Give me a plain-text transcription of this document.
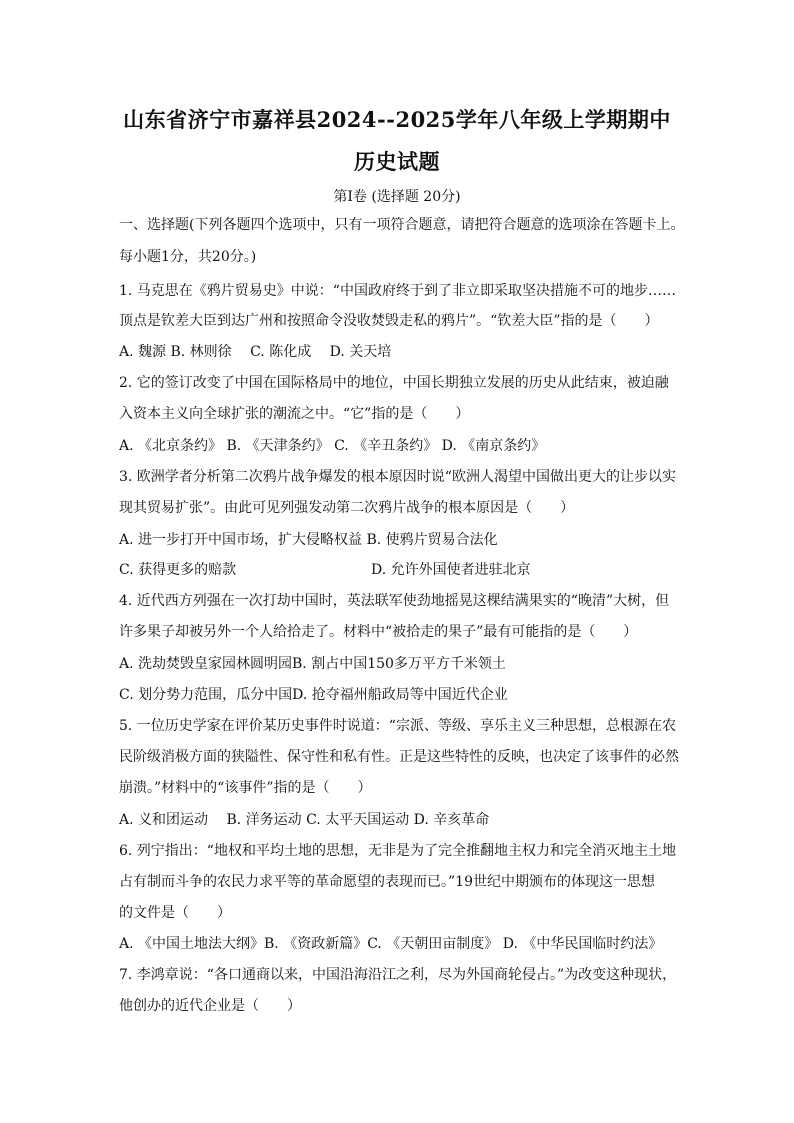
山东省济宁市嘉祥县2024--2025学年八年级上学期期中
历史试题
第Ⅰ卷 (选择题 20分)
一、选择题(下列各题四个选项中，只有一项符合题意，请把符合题意的选项涂在答题卡上。
每小题1分，共20分。)
1. 马克思在《鸦片贸易史》中说：“中国政府终于到了非立即采取坚决措施不可的地步……
顶点是钦差大臣到达广州和按照命令没收焚毁走私的鸦片”。“钦差大臣”指的是（　　）
A. 魏源 B. 林则徐　 C. 陈化成　 D. 关天培
2. 它的签订改变了中国在国际格局中的地位，中国长期独立发展的历史从此结束，被迫融
入资本主义向全球扩张的潮流之中。“它”指的是（　　）
A. 《北京条约》 B. 《天津条约》 C. 《辛丑条约》 D. 《南京条约》
3. 欧洲学者分析第二次鸦片战争爆发的根本原因时说“欧洲人渴望中国做出更大的让步以实
现其贸易扩张”。由此可见列强发动第二次鸦片战争的根本原因是（　　）
A. 进一步打开中国市场，扩大侵略权益 B. 使鸦片贸易合法化
C. 获得更多的赔款	D. 允许外国使者进驻北京
4. 近代西方列强在一次打劫中国时，英法联军使劲地摇晃这棵结满果实的“晚清”大树，但
许多果子却被另外一个人给拾走了。材料中“被拾走的果子”最有可能指的是（　　）
A. 洗劫焚毁皇家园林圆明园B. 割占中国150多万平方千米领土
C. 划分势力范围，瓜分中国D. 抢夺福州船政局等中国近代企业
5. 一位历史学家在评价某历史事件时说道：“宗派、等级、享乐主义三种思想，总根源在农
民阶级消极方面的狭隘性、保守性和私有性。正是这些特性的反映，也决定了该事件的必然
崩溃。”材料中的“该事件”指的是（　　）
A. 义和团运动　 B. 洋务运动 C. 太平天国运动 D. 辛亥革命
6. 列宁指出：“地权和平均土地的思想，无非是为了完全推翻地主权力和完全消灭地主土地
占有制而斗争的农民力求平等的革命愿望的表现而已。”19世纪中期颁布的体现这一思想
的文件是（　　）
A. 《中国土地法大纲》B. 《资政新篇》C. 《天朝田亩制度》 D. 《中华民国临时约法》
7. 李鸿章说：“各口通商以来，中国沿海沿江之利，尽为外国商轮侵占。”为改变这种现状，
他创办的近代企业是（　　）
